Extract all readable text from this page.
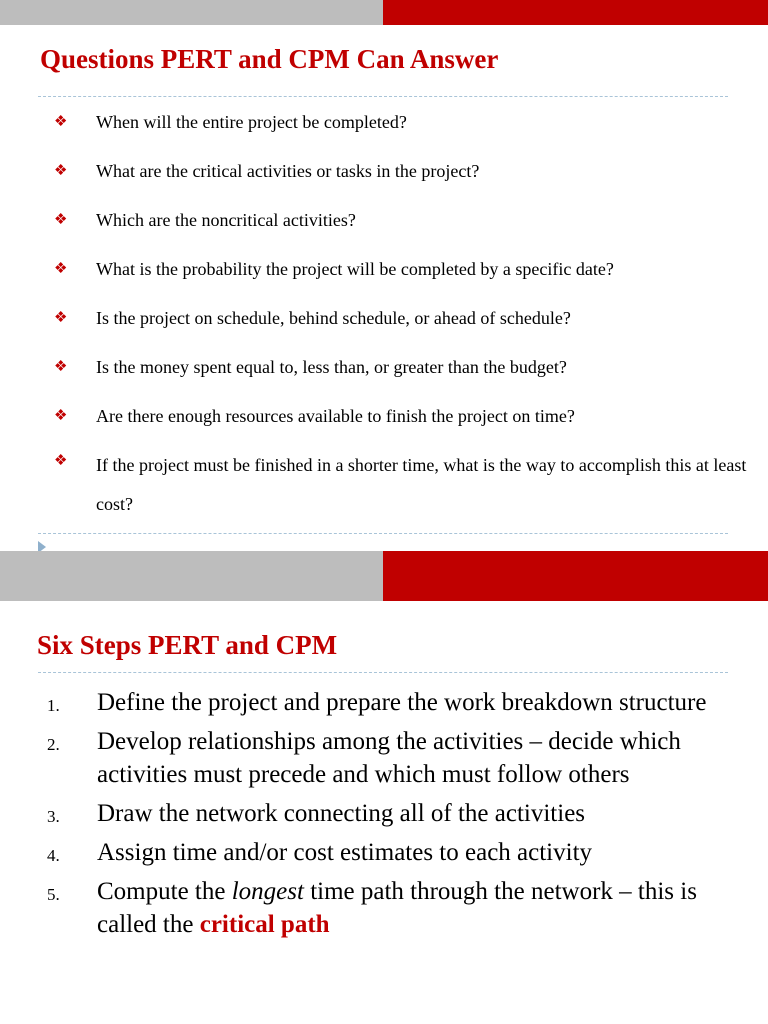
Questions PERT and CPM Can Answer
❖ When will the entire project be completed?
❖ What are the critical activities or tasks in the project?
❖ Which are the noncritical activities?
❖ What is the probability the project will be completed by a specific date?
❖ Is the project on schedule, behind schedule, or ahead of schedule?
❖ Is the money spent equal to, less than, or greater than the budget?
❖ Are there enough resources available to finish the project on time?
❖ If the project must be finished in a shorter time, what is the way to accomplish this at least cost?
Six Steps PERT and CPM
1. Define the project and prepare the work breakdown structure
2. Develop relationships among the activities – decide which activities must precede and which must follow others
3. Draw the network connecting all of the activities
4. Assign time and/or cost estimates to each activity
5. Compute the longest time path through the network – this is called the critical path
